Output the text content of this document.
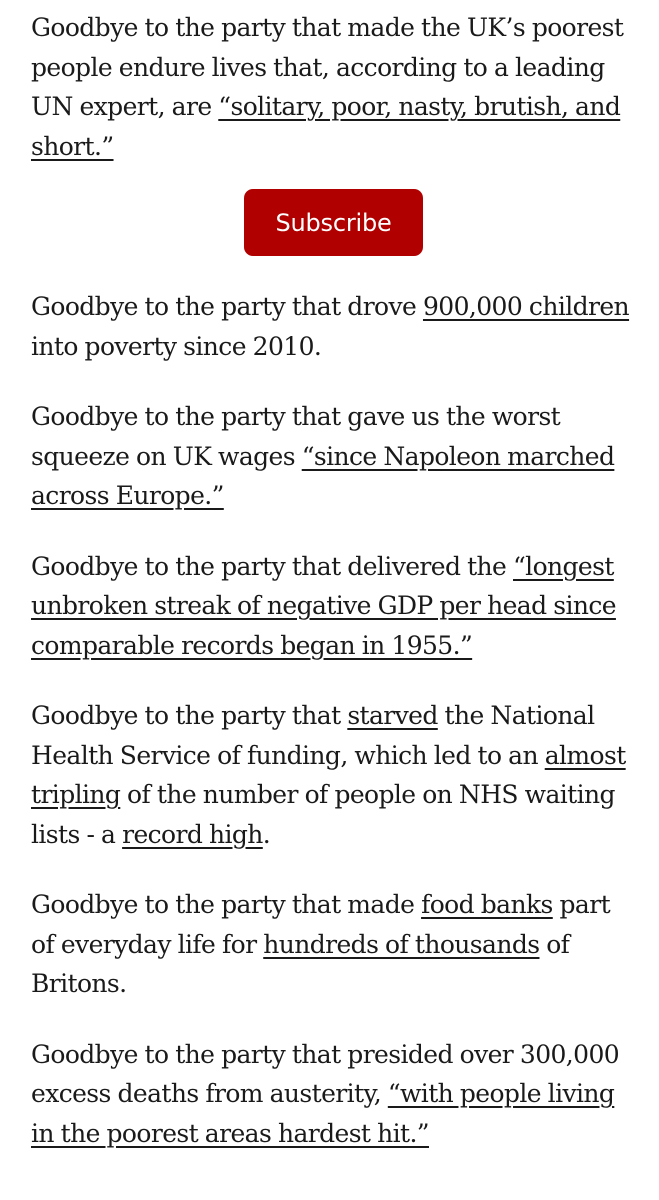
Goodbye to the party that made the UK’s poorest people endure lives that, according to a leading UN expert, are “solitary, poor, nasty, brutish, and short.”

Subscribe

Goodbye to the party that drove 900,000 children into poverty since 2010.

Goodbye to the party that gave us the worst squeeze on UK wages “since Napoleon marched across Europe.”

Goodbye to the party that delivered the “longest unbroken streak of negative GDP per head since comparable records began in 1955.”

Goodbye to the party that starved the National Health Service of funding, which led to an almost tripling of the number of people on NHS waiting lists - a record high.

Goodbye to the party that made food banks part of everyday life for hundreds of thousands of Britons.

Goodbye to the party that presided over 300,000 excess deaths from austerity, “with people living in the poorest areas hardest hit.”
